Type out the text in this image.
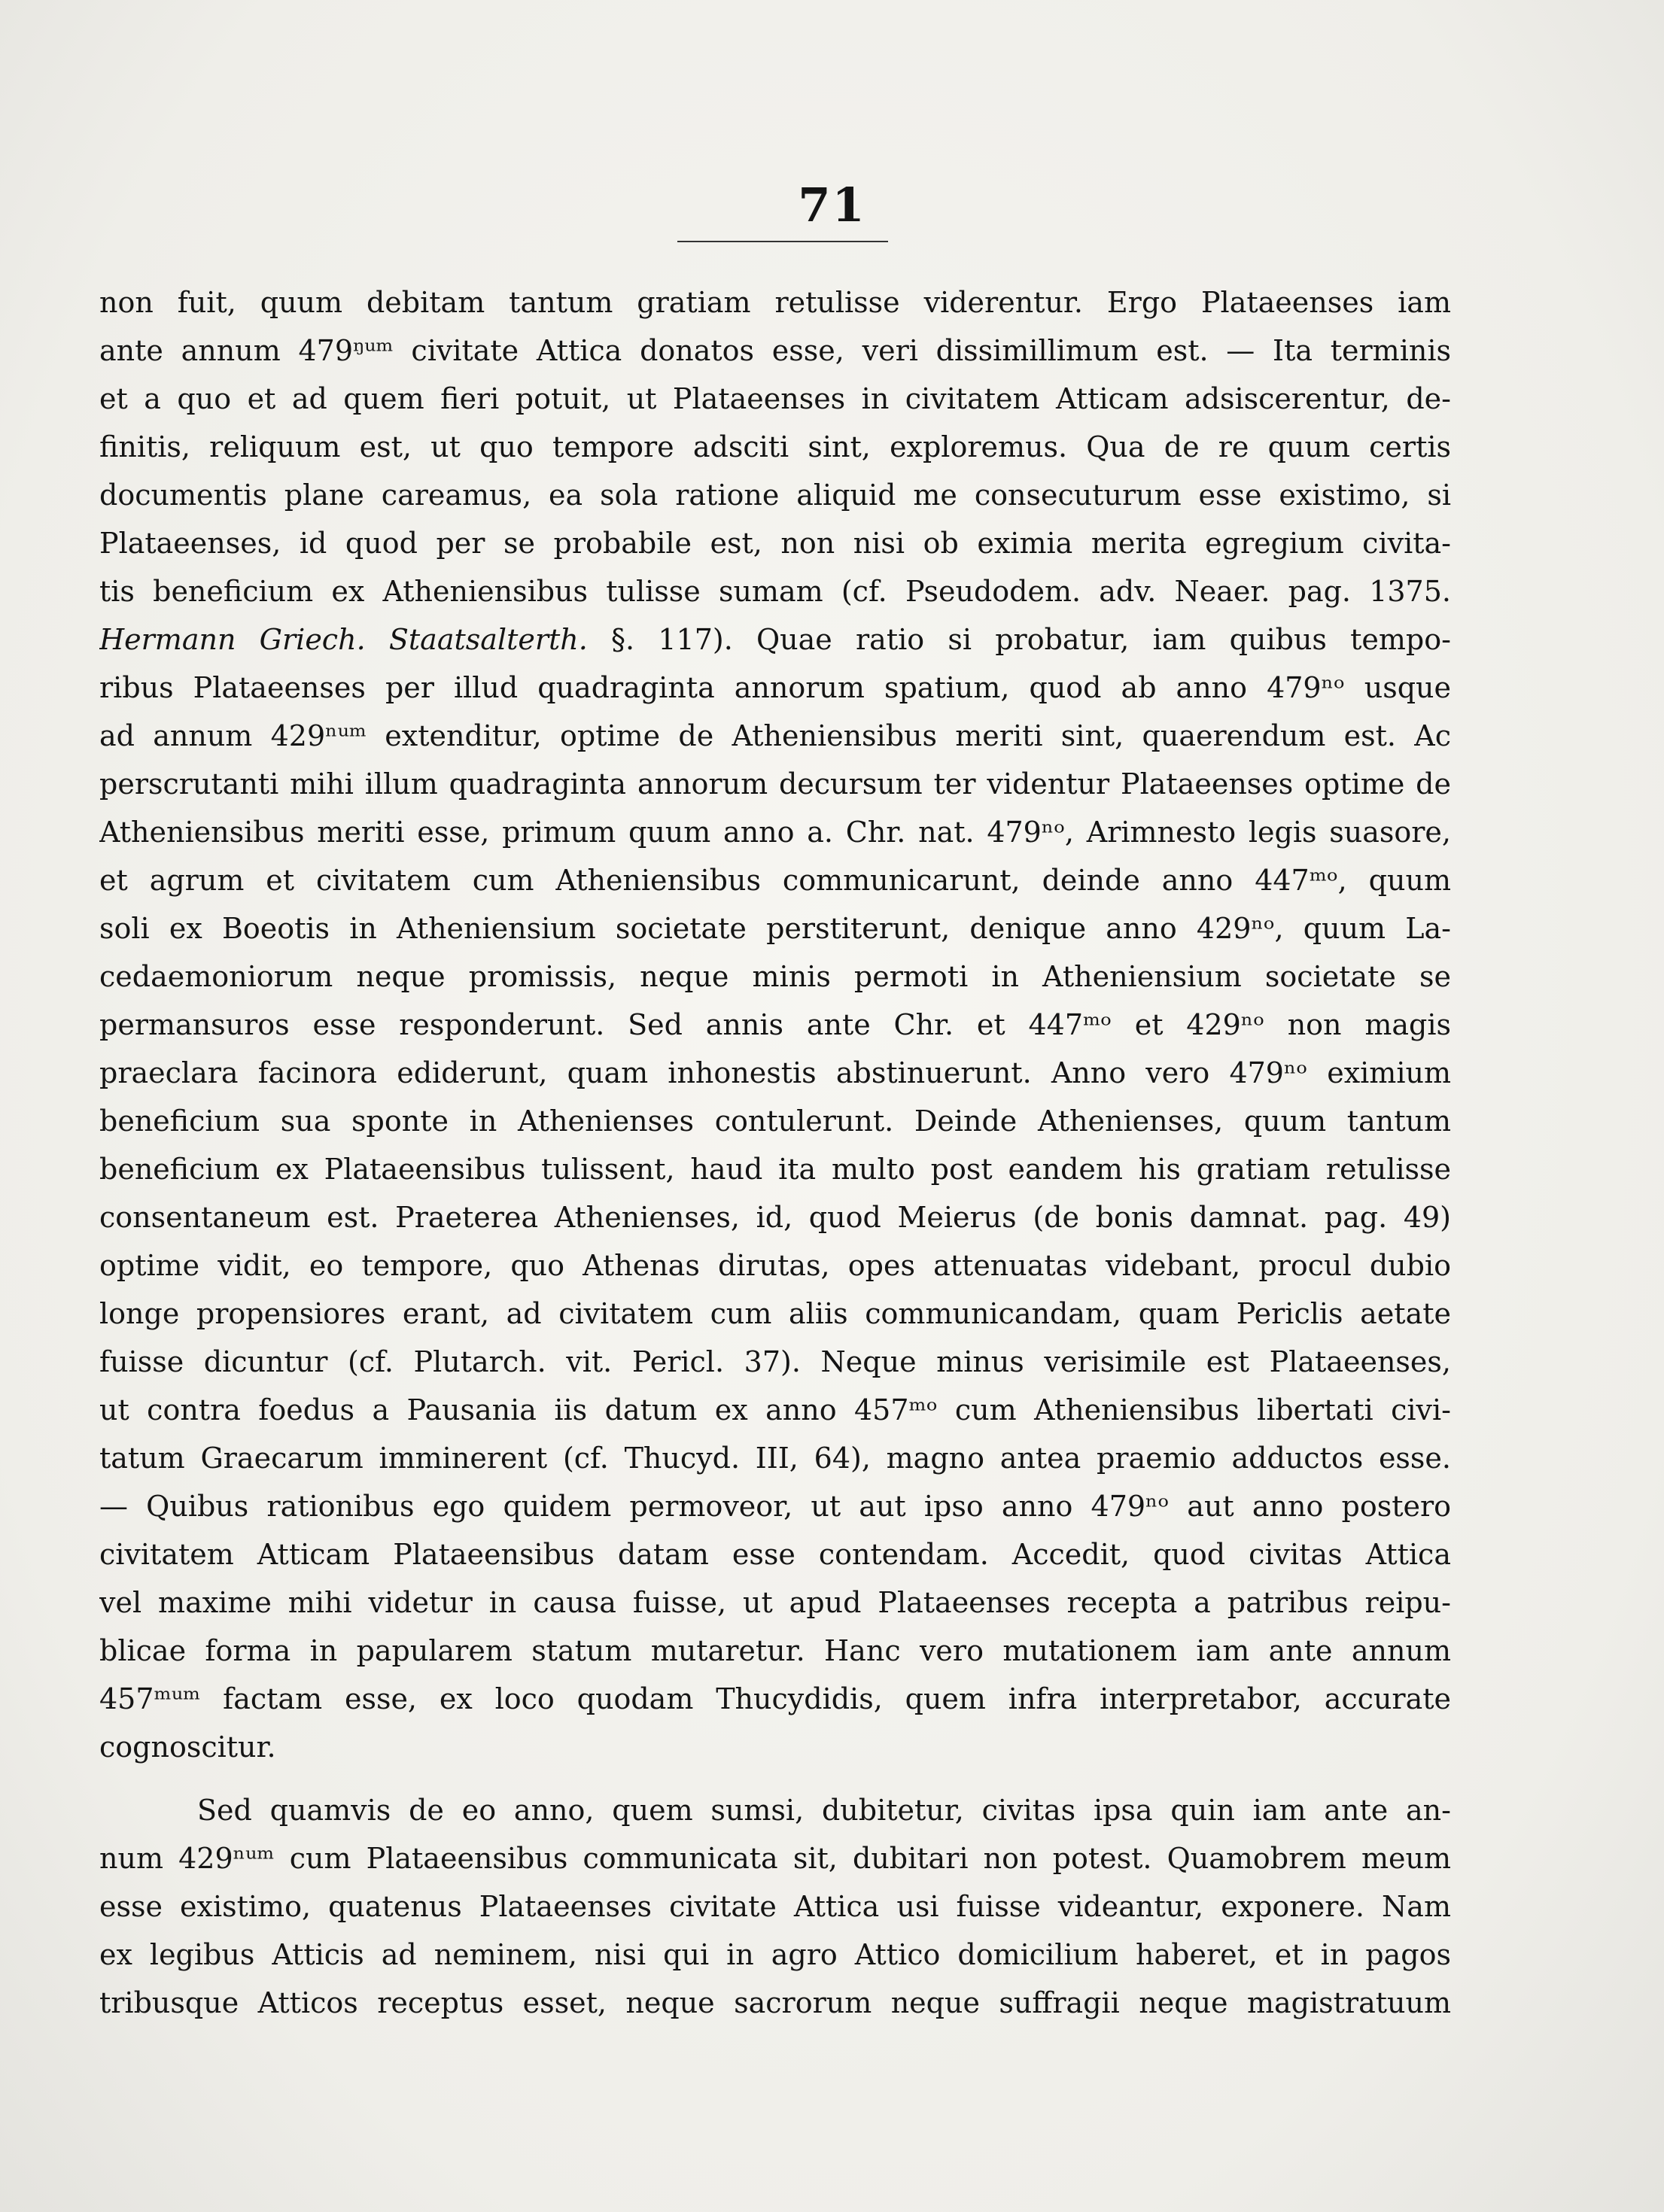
71
non fuit, quum debitam tantum gratiam retulisse viderentur. Ergo Plataeenses iam
ante annum 479ᵑᵘᵐ civitate Attica donatos esse, veri dissimillimum est. — Ita terminis
et a quo et ad quem fieri potuit, ut Plataeenses in civitatem Atticam adsiscerentur, de-
finitis, reliquum est, ut quo tempore adsciti sint, exploremus. Qua de re quum certis
documentis plane careamus, ea sola ratione aliquid me consecuturum esse existimo, si
Plataeenses, id quod per se probabile est, non nisi ob eximia merita egregium civita-
tis beneficium ex Atheniensibus tulisse sumam (cf. Pseudodem. adv. Neaer. pag. 1375.
Hermann Griech. Staatsalterth. §. 117). Quae ratio si probatur, iam quibus tempo-
ribus Plataeenses per illud quadraginta annorum spatium, quod ab anno 479ⁿᵒ usque
ad annum 429ⁿᵘᵐ extenditur, optime de Atheniensibus meriti sint, quaerendum est. Ac
perscrutanti mihi illum quadraginta annorum decursum ter videntur Plataeenses optime de
Atheniensibus meriti esse, primum quum anno a. Chr. nat. 479ⁿᵒ, Arimnesto legis suasore,
et agrum et civitatem cum Atheniensibus communicarunt, deinde anno 447ᵐᵒ, quum
soli ex Boeotis in Atheniensium societate perstiterunt, denique anno 429ⁿᵒ, quum La-
cedaemoniorum neque promissis, neque minis permoti in Atheniensium societate se
permansuros esse responderunt. Sed annis ante Chr. et 447ᵐᵒ et 429ⁿᵒ non magis
praeclara facinora ediderunt, quam inhonestis abstinuerunt. Anno vero 479ⁿᵒ eximium
beneficium sua sponte in Athenienses contulerunt. Deinde Athenienses, quum tantum
beneficium ex Plataeensibus tulissent, haud ita multo post eandem his gratiam retulisse
consentaneum est. Praeterea Athenienses, id, quod Meierus (de bonis damnat. pag. 49)
optime vidit, eo tempore, quo Athenas dirutas, opes attenuatas videbant, procul dubio
longe propensiores erant, ad civitatem cum aliis communicandam, quam Periclis aetate
fuisse dicuntur (cf. Plutarch. vit. Pericl. 37). Neque minus verisimile est Plataeenses,
ut contra foedus a Pausania iis datum ex anno 457ᵐᵒ cum Atheniensibus libertati civi-
tatum Graecarum imminerent (cf. Thucyd. III, 64), magno antea praemio adductos esse.
— Quibus rationibus ego quidem permoveor, ut aut ipso anno 479ⁿᵒ aut anno postero
civitatem Atticam Plataeensibus datam esse contendam. Accedit, quod civitas Attica
vel maxime mihi videtur in causa fuisse, ut apud Plataeenses recepta a patribus reipu-
blicae forma in papularem statum mutaretur. Hanc vero mutationem iam ante annum
457ᵐᵘᵐ factam esse, ex loco quodam Thucydidis, quem infra interpretabor, accurate
cognoscitur.
Sed quamvis de eo anno, quem sumsi, dubitetur, civitas ipsa quin iam ante an-
num 429ⁿᵘᵐ cum Plataeensibus communicata sit, dubitari non potest. Quamobrem meum
esse existimo, quatenus Plataeenses civitate Attica usi fuisse videantur, exponere. Nam
ex legibus Atticis ad neminem, nisi qui in agro Attico domicilium haberet, et in pagos
tribusque Atticos receptus esset, neque sacrorum neque suffragii neque magistratuum
